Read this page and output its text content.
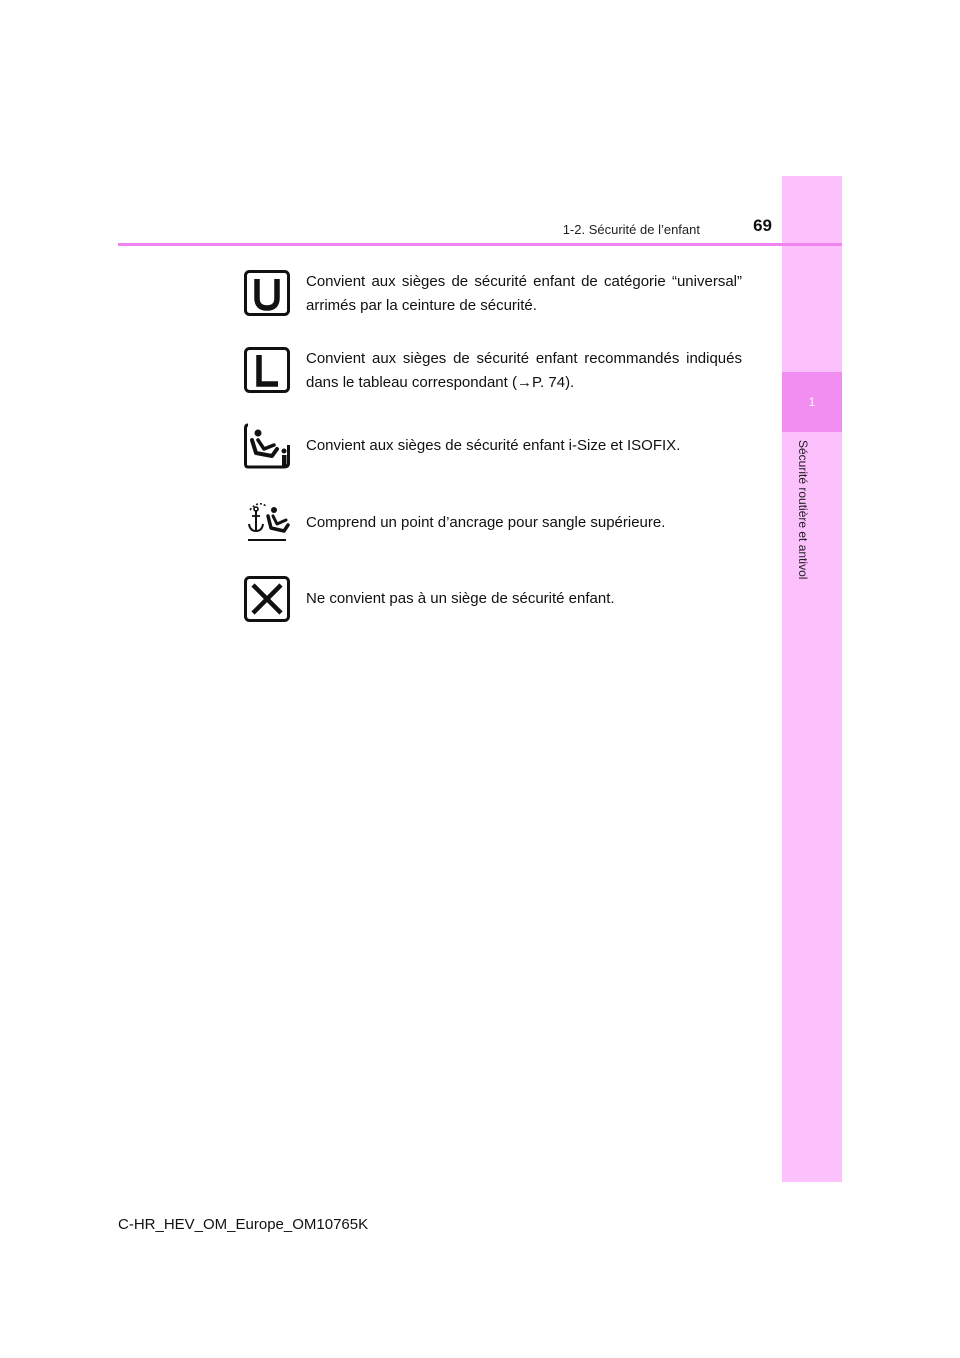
1
Sécurité routière et antivol
1-2. Sécurité de l’enfant	69
Convient aux sièges de sécurité enfant de catégorie “universal” arrimés par la ceinture de sécurité.
Convient aux sièges de sécurité enfant recommandés indiqués dans le tableau correspondant (→P. 74).
Convient aux sièges de sécurité enfant i-Size et ISOFIX.
Comprend un point d’ancrage pour sangle supérieure.
Ne convient pas à un siège de sécurité enfant.
C-HR_HEV_OM_Europe_OM10765K
